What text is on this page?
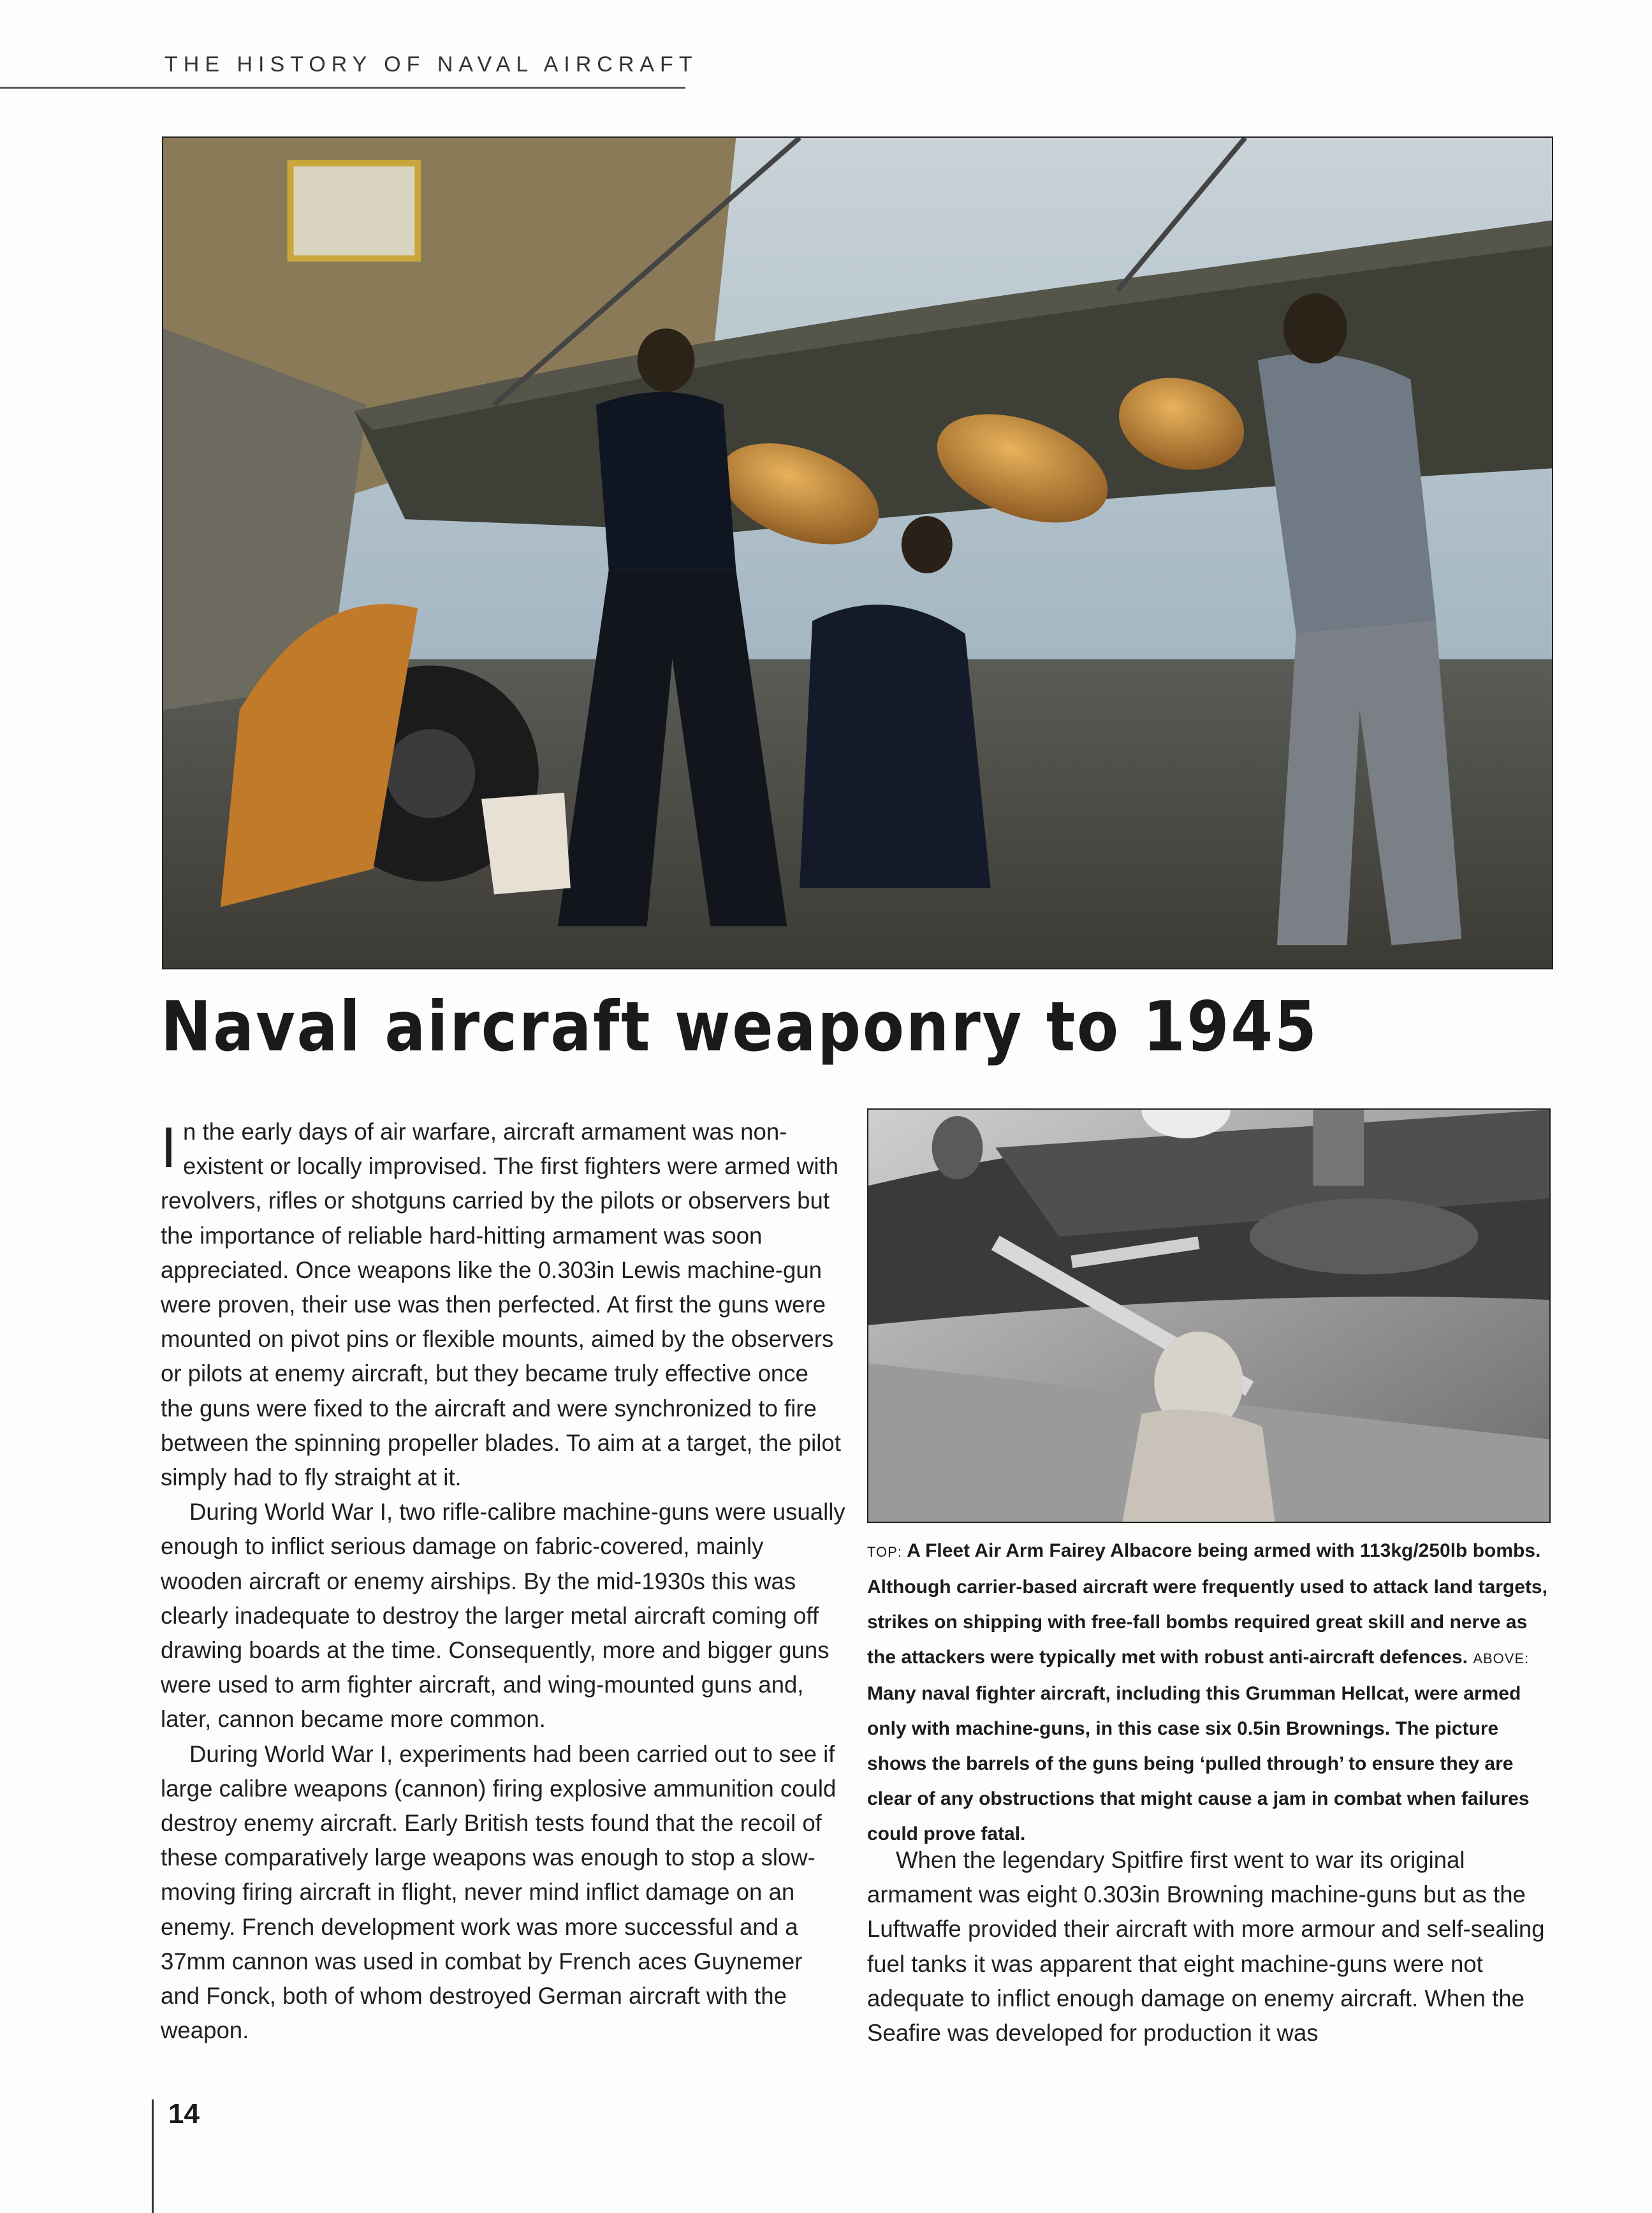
THE HISTORY OF NAVAL AIRCRAFT
Naval aircraft weaponry to 1945

In the early days of air warfare, aircraft armament was non-existent or locally improvised. The first fighters were armed with revolvers, rifles or shotguns carried by the pilots or observers but the importance of reliable hard-hitting armament was soon appreciated. Once weapons like the 0.303in Lewis machine-gun were proven, their use was then perfected. At first the guns were mounted on pivot pins or flexible mounts, aimed by the observers or pilots at enemy aircraft, but they became truly effective once the guns were fixed to the aircraft and were synchronized to fire between the spinning propeller blades. To aim at a target, the pilot simply had to fly straight at it.

During World War I, two rifle-calibre machine-guns were usually enough to inflict serious damage on fabric-covered, mainly wooden aircraft or enemy airships. By the mid-1930s this was clearly inadequate to destroy the larger metal aircraft coming off drawing boards at the time. Consequently, more and bigger guns were used to arm fighter aircraft, and wing-mounted guns and, later, cannon became more common.

During World War I, experiments had been carried out to see if large calibre weapons (cannon) firing explosive ammunition could destroy enemy aircraft. Early British tests found that the recoil of these comparatively large weapons was enough to stop a slow-moving firing aircraft in flight, never mind inflict damage on an enemy. French development work was more successful and a 37mm cannon was used in combat by French aces Guynemer and Fonck, both of whom destroyed German aircraft with the weapon.

TOP: A Fleet Air Arm Fairey Albacore being armed with 113kg/250lb bombs. Although carrier-based aircraft were frequently used to attack land targets, strikes on shipping with free-fall bombs required great skill and nerve as the attackers were typically met with robust anti-aircraft defences. ABOVE: Many naval fighter aircraft, including this Grumman Hellcat, were armed only with machine-guns, in this case six 0.5in Brownings. The picture shows the barrels of the guns being ‘pulled through’ to ensure they are clear of any obstructions that might cause a jam in combat when failures could prove fatal.

When the legendary Spitfire first went to war its original armament was eight 0.303in Browning machine-guns but as the Luftwaffe provided their aircraft with more armour and self-sealing fuel tanks it was apparent that eight machine-guns were not adequate to inflict enough damage on enemy aircraft. When the Seafire was developed for production it was

14
